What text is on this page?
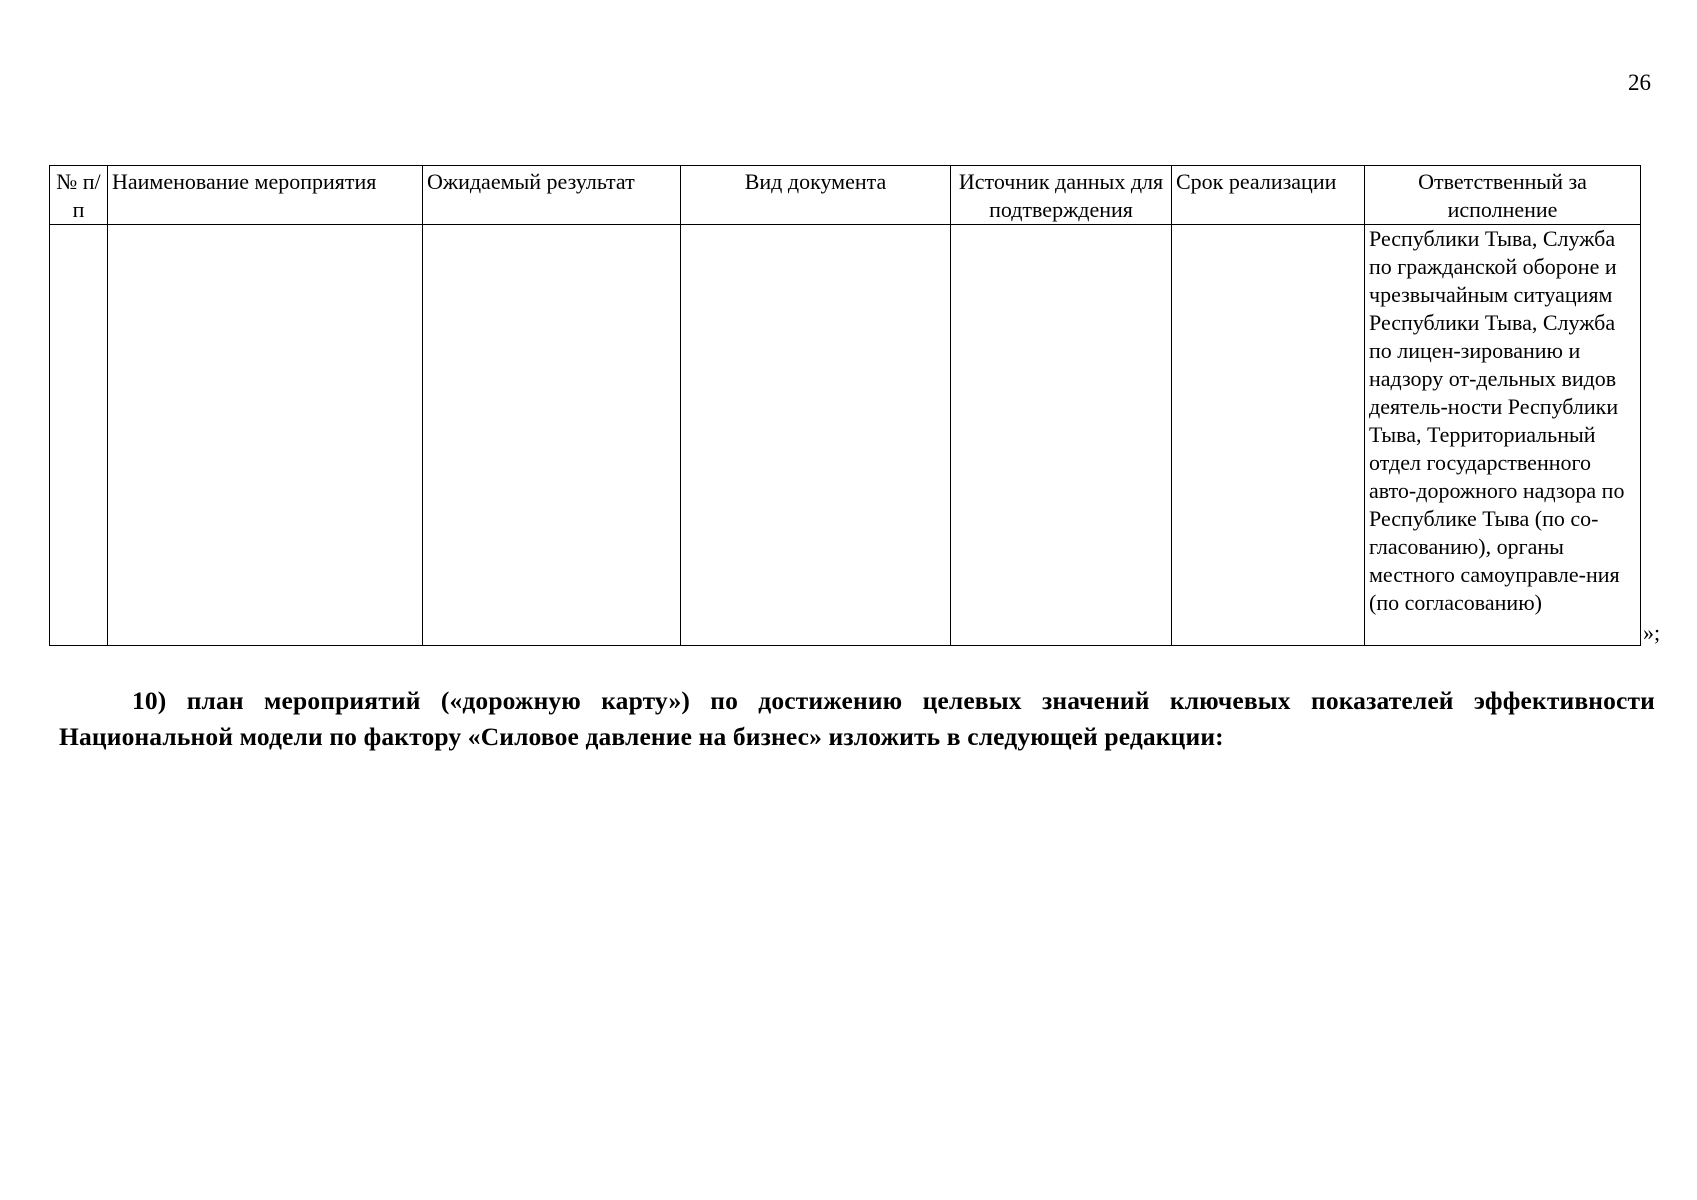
26
№ п/п	Наименование мероприятия	Ожидаемый результат	Вид документа	Источник данных для подтверждения	Срок реализации	Ответственный за исполнение
						Республики Тыва, Служба по гражданской обороне и чрезвычайным ситуациям Республики Тыва, Служба по лицен-зированию и надзору от-дельных видов деятель-ности Республики Тыва, Территориальный отдел государственного авто-дорожного надзора по Республике Тыва (по со-гласованию), органы местного самоуправле-ния (по согласованию)
»;

10) план мероприятий («дорожную карту») по достижению целевых значений ключевых показателей эффективности Национальной модели по фактору «Силовое давление на бизнес» изложить в следующей редакции:
